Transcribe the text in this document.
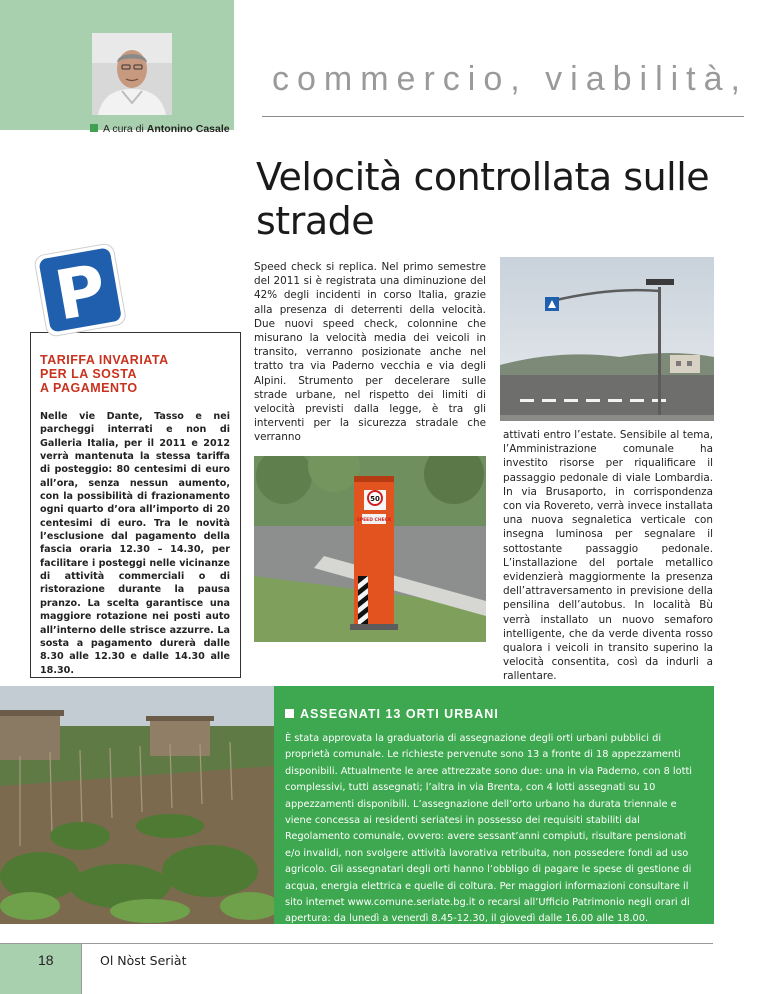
commercio, viabilità,
A cura di Antonino Casale
Velocità controllata sulle strade
P
TARIFFA INVARIATA
PER LA SOSTA
A PAGAMENTO
Nelle vie Dante, Tasso e nei parcheggi interrati e non di Galleria Italia, per il 2011 e 2012 verrà mantenuta la stessa tariffa di posteggio: 80 centesimi di euro all’ora, senza nessun aumento, con la possibilità di frazionamento ogni quarto d’ora all’importo di 20 centesimi di euro. Tra le novità l’esclusione dal pagamento della fascia oraria 12.30 – 14.30, per facilitare i posteggi nelle vicinanze di attività commerciali o di ristorazione durante la pausa pranzo. La scelta garantisce una maggiore rotazione nei posti auto all’interno delle strisce azzurre. La sosta a pagamento durerà dalle 8.30 alle 12.30 e dalle 14.30 alle 18.30.
Speed check si replica. Nel primo semestre del 2011 si è registrata una diminuzione del 42% degli incidenti in corso Italia, grazie alla presenza di deterrenti della velocità. Due nuovi speed check, colonnine che misurano la velocità media dei veicoli in transito, verranno posizionate anche nel tratto tra via Paderno vecchia e via degli Alpini. Strumento per decelerare sulle strade urbane, nel rispetto dei limiti di velocità previsti dalla legge, è tra gli interventi per la sicurezza stradale che verranno	attivati entro l’estate. Sensibile al tema, l’Amministrazione comunale ha investito risorse per riqualificare il passaggio pedonale di viale Lombardia. In via Brusaporto, in corrispondenza con via Rovereto, verrà invece installata una nuova segnaletica verticale con insegna luminosa per segnalare il sottostante passaggio pedonale. L’installazione del portale metallico evidenzierà maggiormente la presenza dell’attraversamento in previsione della pensilina dell’autobus. In località Bù verrà installato un nuovo semaforo intelligente, che da verde diventa rosso qualora i veicoli in transito superino la velocità consentita, così da indurli a rallentare.
50
SPEED CHECK
ASSEGNATI 13 ORTI URBANI
È stata approvata la graduatoria di assegnazione degli orti urbani pubblici di proprietà comunale. Le richieste pervenute sono 13 a fronte di 18 appezzamenti disponibili. Attualmente le aree attrezzate sono due: una in via Paderno, con 8 lotti complessivi, tutti assegnati; l’altra in via Brenta, con 4 lotti assegnati su 10 appezzamenti disponibili. L’assegnazione dell’orto urbano ha durata triennale e viene concessa ai residenti seriatesi in possesso dei requisiti stabiliti dal Regolamento comunale, ovvero: avere sessant’anni compiuti, risultare pensionati e/o invalidi, non svolgere attività lavorativa retribuita, non possedere fondi ad uso agricolo. Gli assegnatari degli orti hanno l’obbligo di pagare le spese di gestione di acqua, energia elettrica e quelle di coltura. Per maggiori informazioni consultare il sito internet www.comune.seriate.bg.it o recarsi all’Ufficio Patrimonio negli orari di apertura: da lunedì a venerdì 8.45-12.30, il giovedì dalle 16.00 alle 18.00.
18	Ol Nòst Seriàt
